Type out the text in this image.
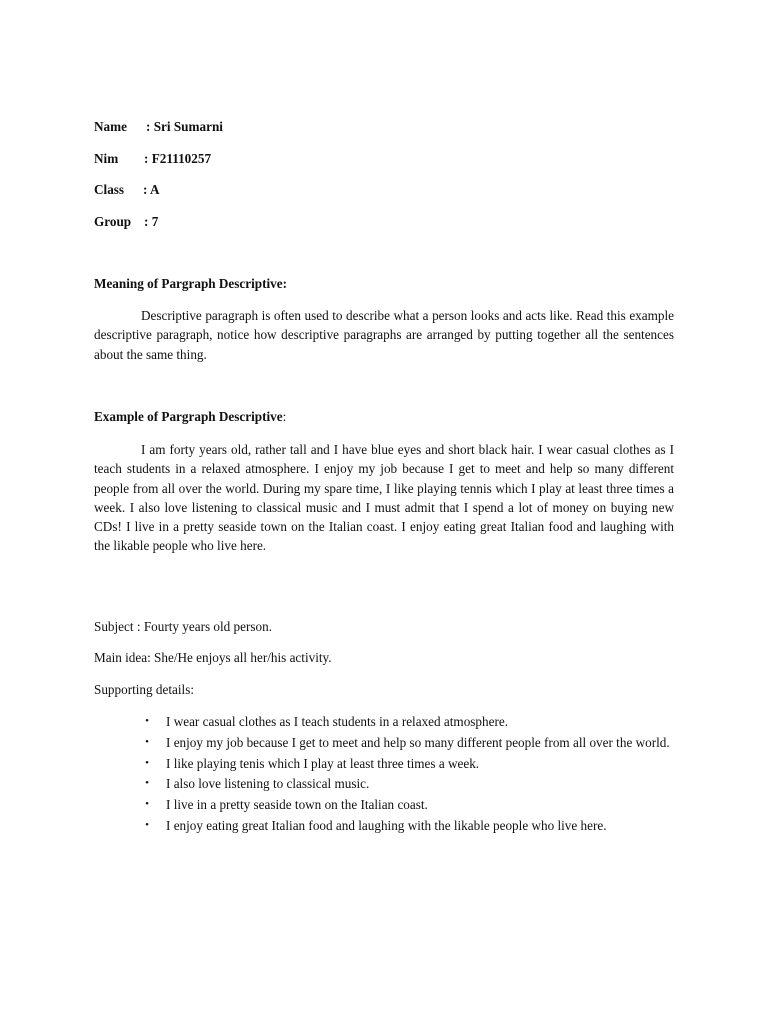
Name : Sri Sumarni
Nim : F21110257
Class : A
Group : 7
Meaning of Pargraph Descriptive:

Descriptive paragraph is often used to describe what a person looks and acts like. Read this example descriptive paragraph, notice how descriptive paragraphs are arranged by putting together all the sentences about the same thing.

Example of Pargraph Descriptive:

I am forty years old, rather tall and I have blue eyes and short black hair. I wear casual clothes as I teach students in a relaxed atmosphere. I enjoy my job because I get to meet and help so many different people from all over the world. During my spare time, I like playing tennis which I play at least three times a week. I also love listening to classical music and I must admit that I spend a lot of money on buying new CDs! I live in a pretty seaside town on the Italian coast. I enjoy eating great Italian food and laughing with the likable people who live here.

Subject : Fourty years old person.
Main idea: She/He enjoys all her/his activity.
Supporting details:
• I wear casual clothes as I teach students in a relaxed atmosphere.
• I enjoy my job because I get to meet and help so many different people from all over the world.
• I like playing tenis which I play at least three times a week.
• I also love listening to classical music.
• I live in a pretty seaside town on the Italian coast.
• I enjoy eating great Italian food and laughing with the likable people who live here.
